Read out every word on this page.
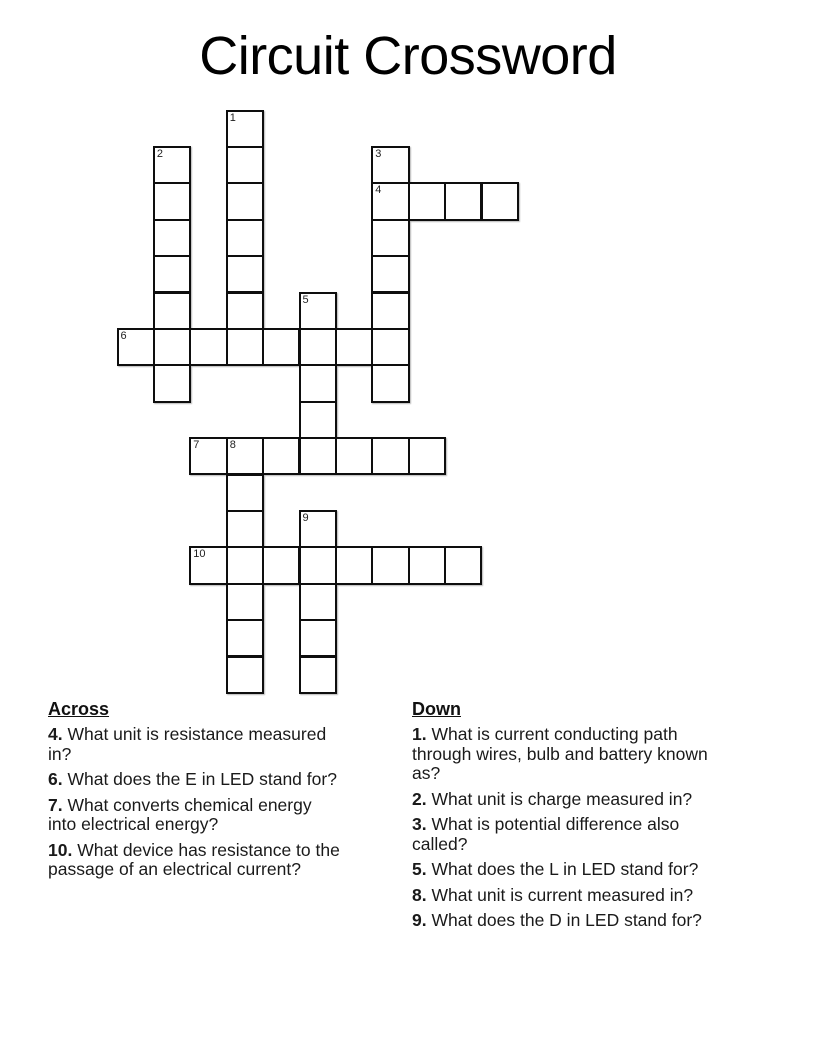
Circuit Crossword
1
2	3
4
5
6
7	8
9
10
Across
4. What unit is resistance measured
in?
6. What does the E in LED stand for?
7. What converts chemical energy
into electrical energy?
10. What device has resistance to the
passage of an electrical current?
Down
1. What is current conducting path
through wires, bulb and battery known
as?
2. What unit is charge measured in?
3. What is potential difference also
called?
5. What does the L in LED stand for?
8. What unit is current measured in?
9. What does the D in LED stand for?
